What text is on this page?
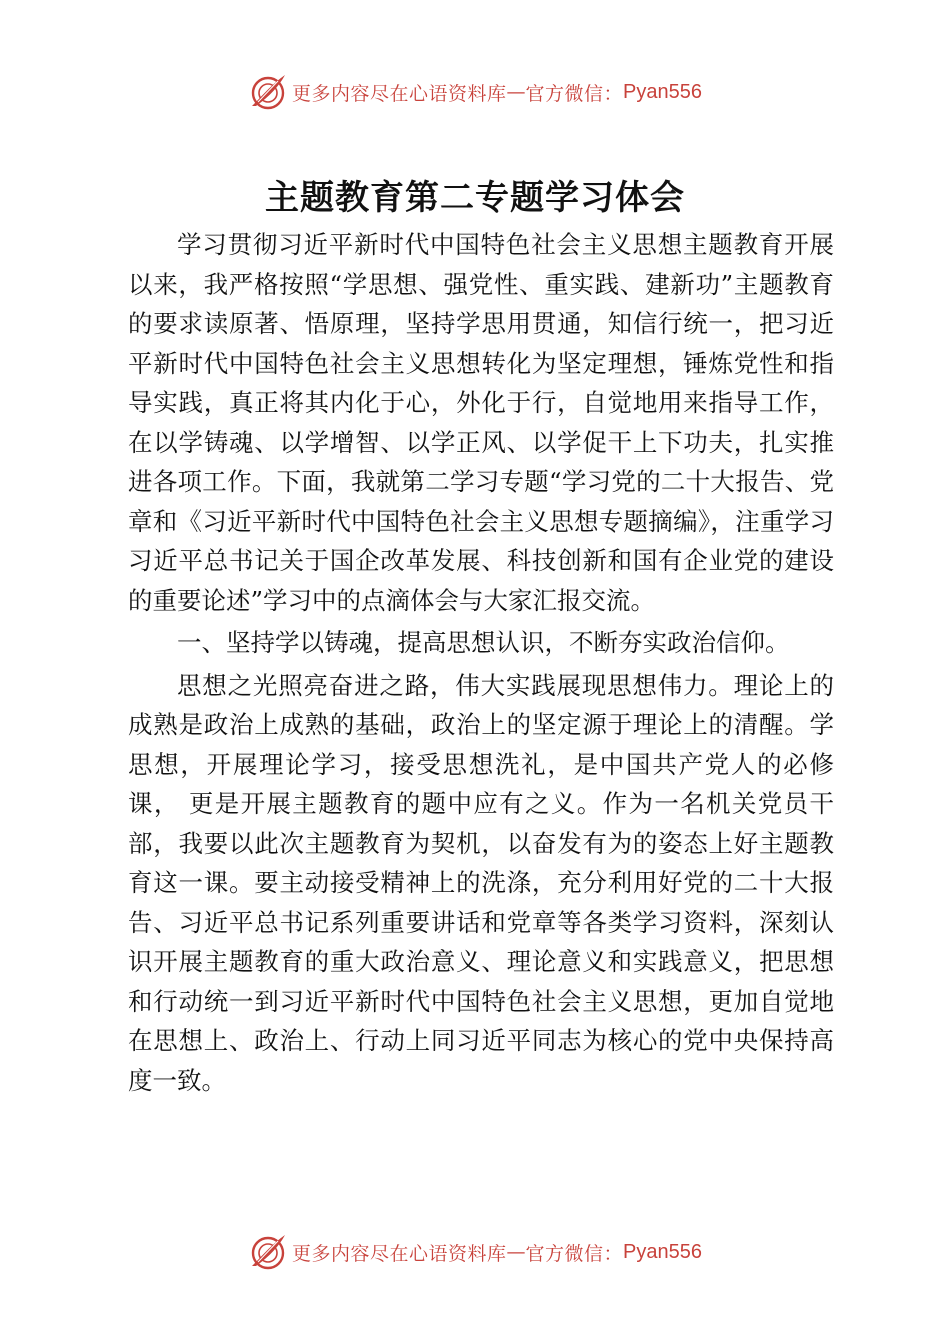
更多内容尽在心语资料库 — 官方微信： Pyan556
主题教育第二专题学习体会

学习贯彻习近平新时代中国特色社会主义思想主题教育开展以来，我严格按照“学思想、强党性、重实践、建新功”主题教育的要求读原著、悟原理，坚持学思用贯通，知信行统一，把习近平新时代中国特色社会主义思想转化为坚定理想，锤炼党性和指导实践，真正将其内化于心，外化于行，自觉地用来指导工作，在以学铸魂、以学增智、以学正风、以学促干上下功夫，扎实推进各项工作。下面，我就第二学习专题“学习党的二十大报告、党章和《习近平新时代中国特色社会主义思想专题摘编》，注重学习习近平总书记关于国企改革发展、科技创新和国有企业党的建设的重要论述”学习中的点滴体会与大家汇报交流。

一、坚持学以铸魂，提高思想认识，不断夯实政治信仰。

思想之光照亮奋进之路，伟大实践展现思想伟力。理论上的成熟是政治上成熟的基础，政治上的坚定源于理论上的清醒。学思想，开展理论学习，接受思想洗礼，是中国共产党人的必修课， 更是开展主题教育的题中应有之义。作为一名机关党员干部，我要以此次主题教育为契机，以奋发有为的姿态上好主题教育这一课。要主动接受精神上的洗涤，充分利用好党的二十大报告、习近平总书记系列重要讲话和党章等各类学习资料，深刻认识开展主题教育的重大政治意义、理论意义和实践意义，把思想和行动统一到习近平新时代中国特色社会主义思想，更加自觉地在思想上、政治上、行动上同习近平同志为核心的党中央保持高度一致。

更多内容尽在心语资料库 — 官方微信： Pyan556
